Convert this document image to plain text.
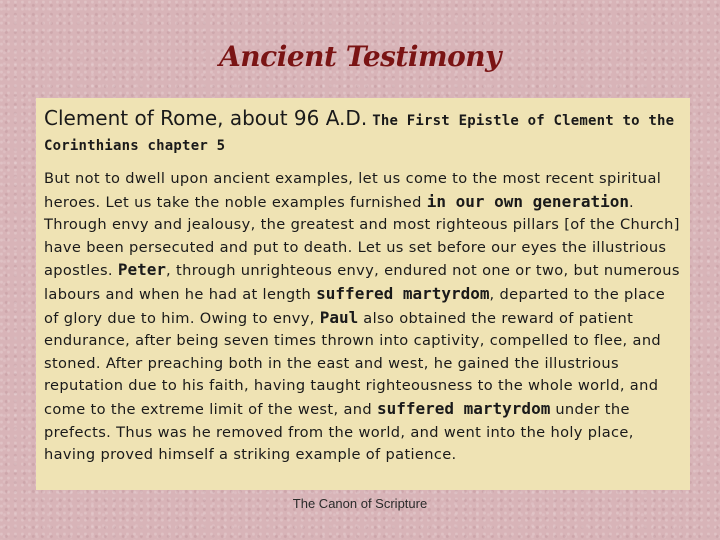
Ancient Testimony
Clement of Rome, about 96 A.D. The First Epistle of Clement to the Corinthians chapter 5
But not to dwell upon ancient examples, let us come to the most recent spiritual heroes. Let us take the noble examples furnished in our own generation. Through envy and jealousy, the greatest and most righteous pillars [of the Church] have been persecuted and put to death. Let us set before our eyes the illustrious apostles. Peter, through unrighteous envy, endured not one or two, but numerous labours and when he had at length suffered martyrdom, departed to the place of glory due to him. Owing to envy, Paul also obtained the reward of patient endurance, after being seven times thrown into captivity, compelled to flee, and stoned. After preaching both in the east and west, he gained the illustrious reputation due to his faith, having taught righteousness to the whole world, and come to the extreme limit of the west, and suffered martyrdom under the prefects. Thus was he removed from the world, and went into the holy place, having proved himself a striking example of patience.
The Canon of Scripture
